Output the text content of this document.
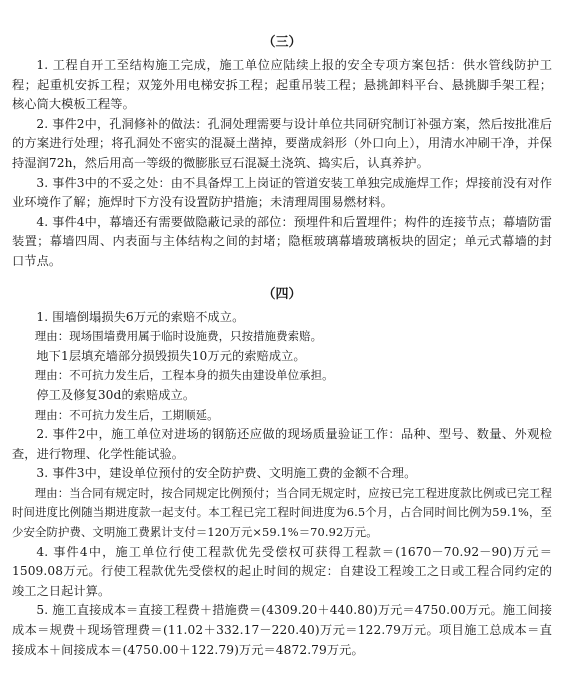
（三）

1. 工程自开工至结构施工完成，施工单位应陆续上报的安全专项方案包括：供水管线防护工程；起重机安拆工程；双笼外用电梯安拆工程；起重吊装工程；悬挑卸料平台、悬挑脚手架工程；核心筒大模板工程等。

2. 事件2中，孔洞修补的做法：孔洞处理需要与设计单位共同研究制订补强方案，然后按批准后的方案进行处理；将孔洞处不密实的混凝土凿掉，要凿成斜形（外口向上），用清水冲刷干净，并保持湿润72h，然后用高一等级的微膨胀豆石混凝土浇筑、捣实后，认真养护。

3. 事件3中的不妥之处：由不具备焊工上岗证的管道安装工单独完成施焊工作；焊接前没有对作业环境作了解；施焊时下方没有设置防护措施；未清理周围易燃材料。

4. 事件4中，幕墙还有需要做隐蔽记录的部位：预埋件和后置埋件；构件的连接节点；幕墙防雷装置；幕墙四周、内表面与主体结构之间的封堵；隐框玻璃幕墙玻璃板块的固定；单元式幕墙的封口节点。

（四）

1. 围墙倒塌损失6万元的索赔不成立。

理由：现场围墙费用属于临时设施费，只按措施费索赔。

地下1层填充墙部分损毁损失10万元的索赔成立。

理由：不可抗力发生后，工程本身的损失由建设单位承担。

停工及修复30d的索赔成立。

理由：不可抗力发生后，工期顺延。

2. 事件2中，施工单位对进场的钢筋还应做的现场质量验证工作：品种、型号、数量、外观检查，进行物理、化学性能试验。

3. 事件3中，建设单位预付的安全防护费、文明施工费的金额不合理。

理由：当合同有规定时，按合同规定比例预付；当合同无规定时，应按已完工程进度款比例或已完工程时间进度比例随当期进度款一起支付。本工程已完工程时间进度为6.5个月，占合同时间比例为59.1%，至少安全防护费、文明施工费累计支付＝120万元×59.1%＝70.92万元。

4. 事件4中，施工单位行使工程款优先受偿权可获得工程款＝(1670－70.92－90)万元＝1509.08万元。行使工程款优先受偿权的起止时间的规定：自建设工程竣工之日或工程合同约定的竣工之日起计算。

5. 施工直接成本＝直接工程费＋措施费＝(4309.20＋440.80)万元＝4750.00万元。施工间接成本＝规费＋现场管理费＝(11.02＋332.17－220.40)万元＝122.79万元。项目施工总成本＝直接成本＋间接成本＝(4750.00＋122.79)万元＝4872.79万元。
